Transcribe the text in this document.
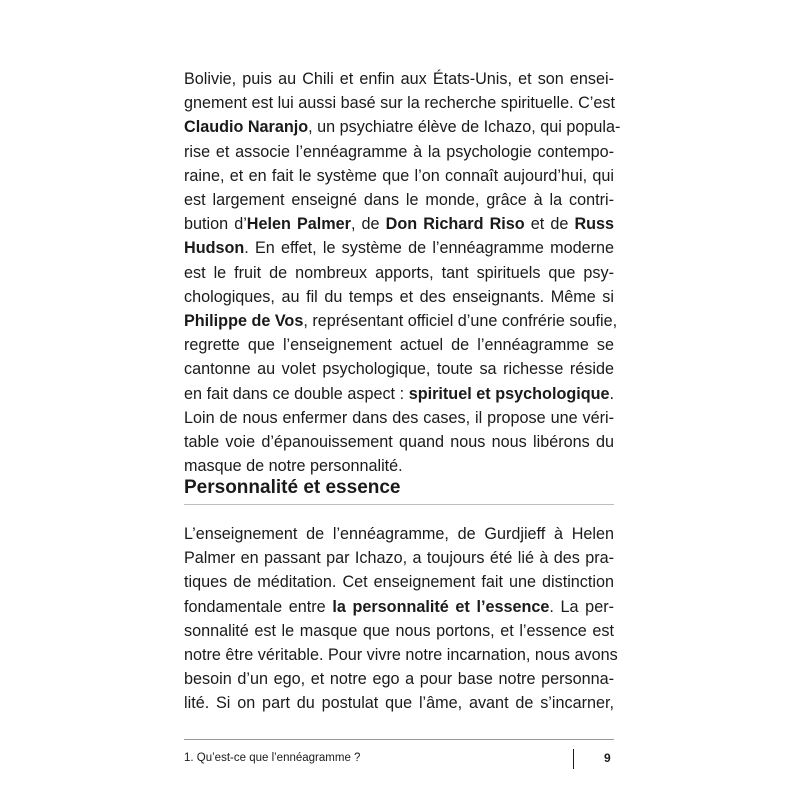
Bolivie, puis au Chili et enfin aux États-Unis, et son ensei-
gnement est lui aussi basé sur la recherche spirituelle. C’est
Claudio Naranjo, un psychiatre élève de Ichazo, qui popula-
rise et associe l’ennéagramme à la psychologie contempo-
raine, et en fait le système que l’on connaît aujourd’hui, qui
est largement enseigné dans le monde, grâce à la contri-
bution d’Helen Palmer, de Don Richard Riso et de Russ
Hudson. En effet, le système de l’ennéagramme moderne
est le fruit de nombreux apports, tant spirituels que psy-
chologiques, au fil du temps et des enseignants. Même si
Philippe de Vos, représentant officiel d’une confrérie soufie,
regrette que l’enseignement actuel de l’ennéagramme se
cantonne au volet psychologique, toute sa richesse réside
en fait dans ce double aspect : spirituel et psychologique.
Loin de nous enfermer dans des cases, il propose une véri-
table voie d’épanouissement quand nous nous libérons du
masque de notre personnalité.

Personnalité et essence

L’enseignement de l’ennéagramme, de Gurdjieff à Helen
Palmer en passant par Ichazo, a toujours été lié à des pra-
tiques de méditation. Cet enseignement fait une distinction
fondamentale entre la personnalité et l’essence. La per-
sonnalité est le masque que nous portons, et l’essence est
notre être véritable. Pour vivre notre incarnation, nous avons
besoin d’un ego, et notre ego a pour base notre personna-
lité. Si on part du postulat que l’âme, avant de s’incarner,

1. Qu’est-ce que l’ennéagramme ?	9
